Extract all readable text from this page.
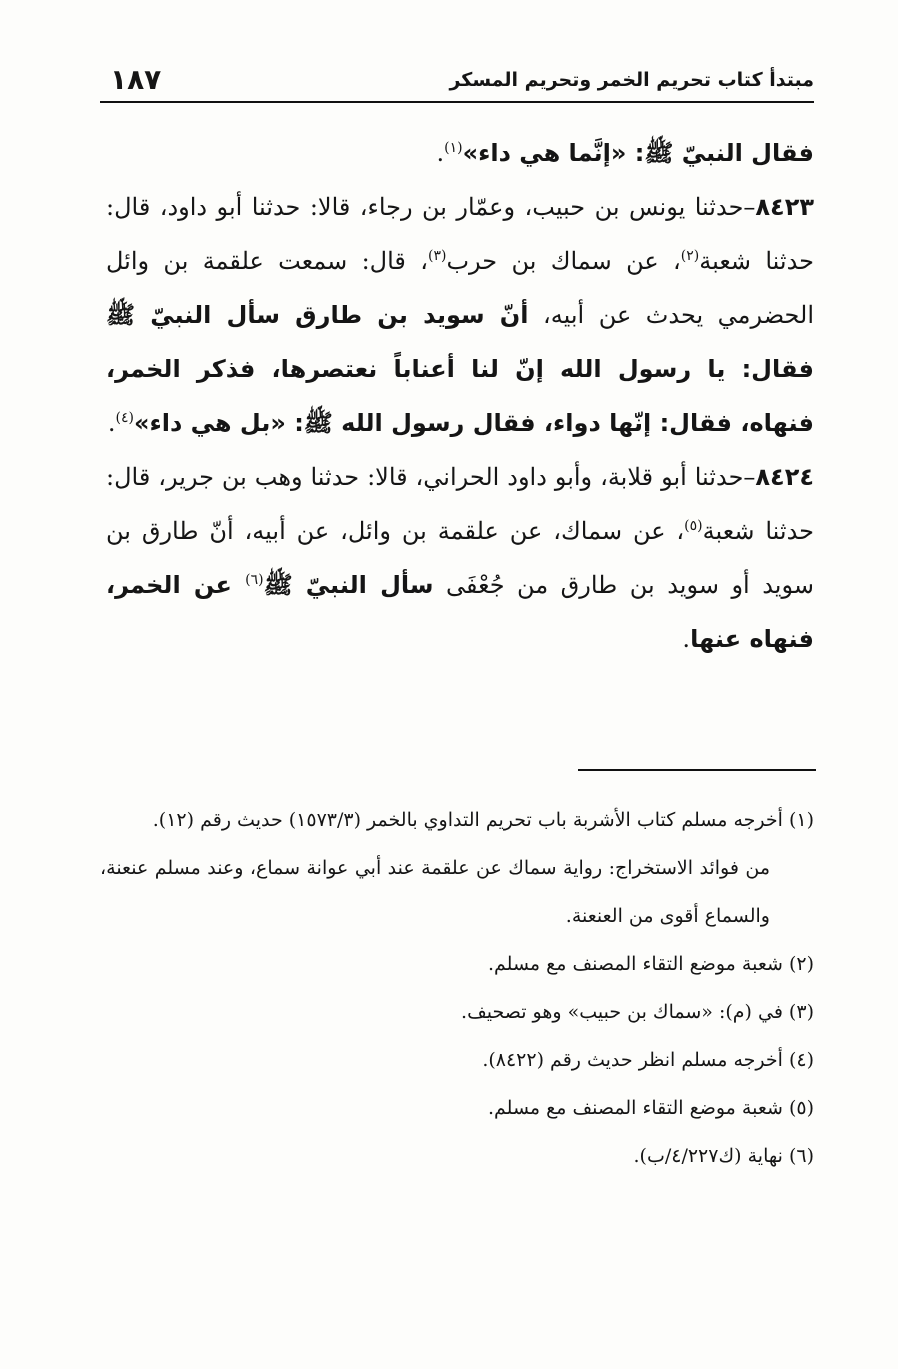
١٨٧	مبتدأ كتاب تحريم الخمر وتحريم المسكر

فقال النبيّ ﷺ: «إنَّما هي داء»$^{(١)}$.

٨٤٢٣–حدثنا يونس بن حبيب، وعمّار بن رجاء، قالا: حدثنا أبو داود، قال: حدثنا شعبة$^{(٢)}$، عن سماك بن حرب$^{(٣)}$، قال: سمعت علقمة بن وائل الحضرمي يحدث عن أبيه، أنّ سويد بن طارق سأل النبيّ ﷺ فقال: يا رسول الله إنّ لنا أعناباً نعتصرها، فذكر الخمر، فنهاه، فقال: إنّها دواء، فقال رسول الله ﷺ: «بل هي داء»$^{(٤)}$.

٨٤٢٤–حدثنا أبو قلابة، وأبو داود الحراني، قالا: حدثنا وهب بن جرير، قال: حدثنا شعبة$^{(٥)}$، عن سماك، عن علقمة بن وائل، عن أبيه، أنّ طارق بن سويد أو سويد بن طارق من جُعْفَى سأل النبيّ ﷺ$^{(٦)}$ عن الخمر، فنهاه عنها.

(١) أخرجه مسلم كتاب الأشربة باب تحريم التداوي بالخمر (١٥٧٣/٣) حديث رقم (١٢).

من فوائد الاستخراج: رواية سماك عن علقمة عند أبي عوانة سماع، وعند مسلم عنعنة، والسماع أقوى من العنعنة.

(٢) شعبة موضع التقاء المصنف مع مسلم.

(٣) في (م): «سماك بن حبيب» وهو تصحيف.

(٤) أخرجه مسلم انظر حديث رقم (٨٤٢٢).

(٥) شعبة موضع التقاء المصنف مع مسلم.

(٦) نهاية (ك٤/٢٢٧/ب).
